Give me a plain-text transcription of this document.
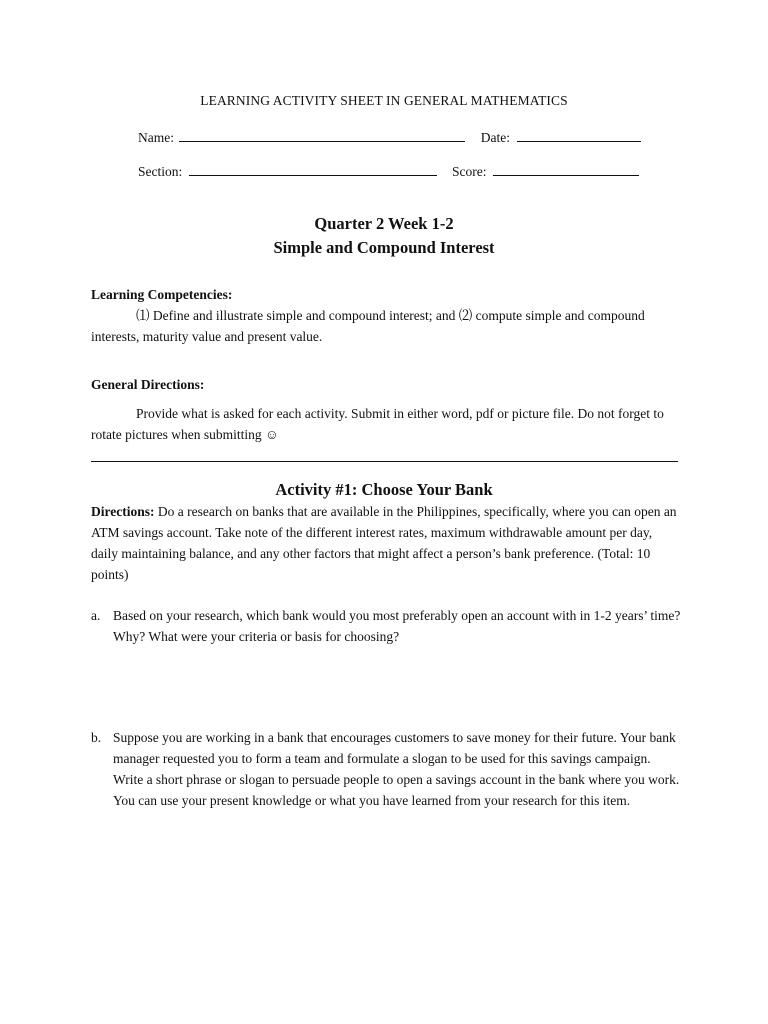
LEARNING ACTIVITY SHEET IN GENERAL MATHEMATICS
Name:	Date:
Section:	Score:
Quarter 2 Week 1-2
Simple and Compound Interest
Learning Competencies:
⑴ Define and illustrate simple and compound interest; and ⑵ compute simple and compound interests, maturity value and present value.
General Directions:
Provide what is asked for each activity. Submit in either word, pdf or picture file. Do not forget to rotate pictures when submitting ☺
Activity #1: Choose Your Bank
Directions: Do a research on banks that are available in the Philippines, specifically, where you can open an ATM savings account. Take note of the different interest rates, maximum withdrawable amount per day, daily maintaining balance, and any other factors that might affect a person’s bank preference. (Total: 10 points)
a. Based on your research, which bank would you most preferably open an account with in 1-2 years’ time? Why? What were your criteria or basis for choosing?
b. Suppose you are working in a bank that encourages customers to save money for their future. Your bank manager requested you to form a team and formulate a slogan to be used for this savings campaign. Write a short phrase or slogan to persuade people to open a savings account in the bank where you work. You can use your present knowledge or what you have learned from your research for this item.
